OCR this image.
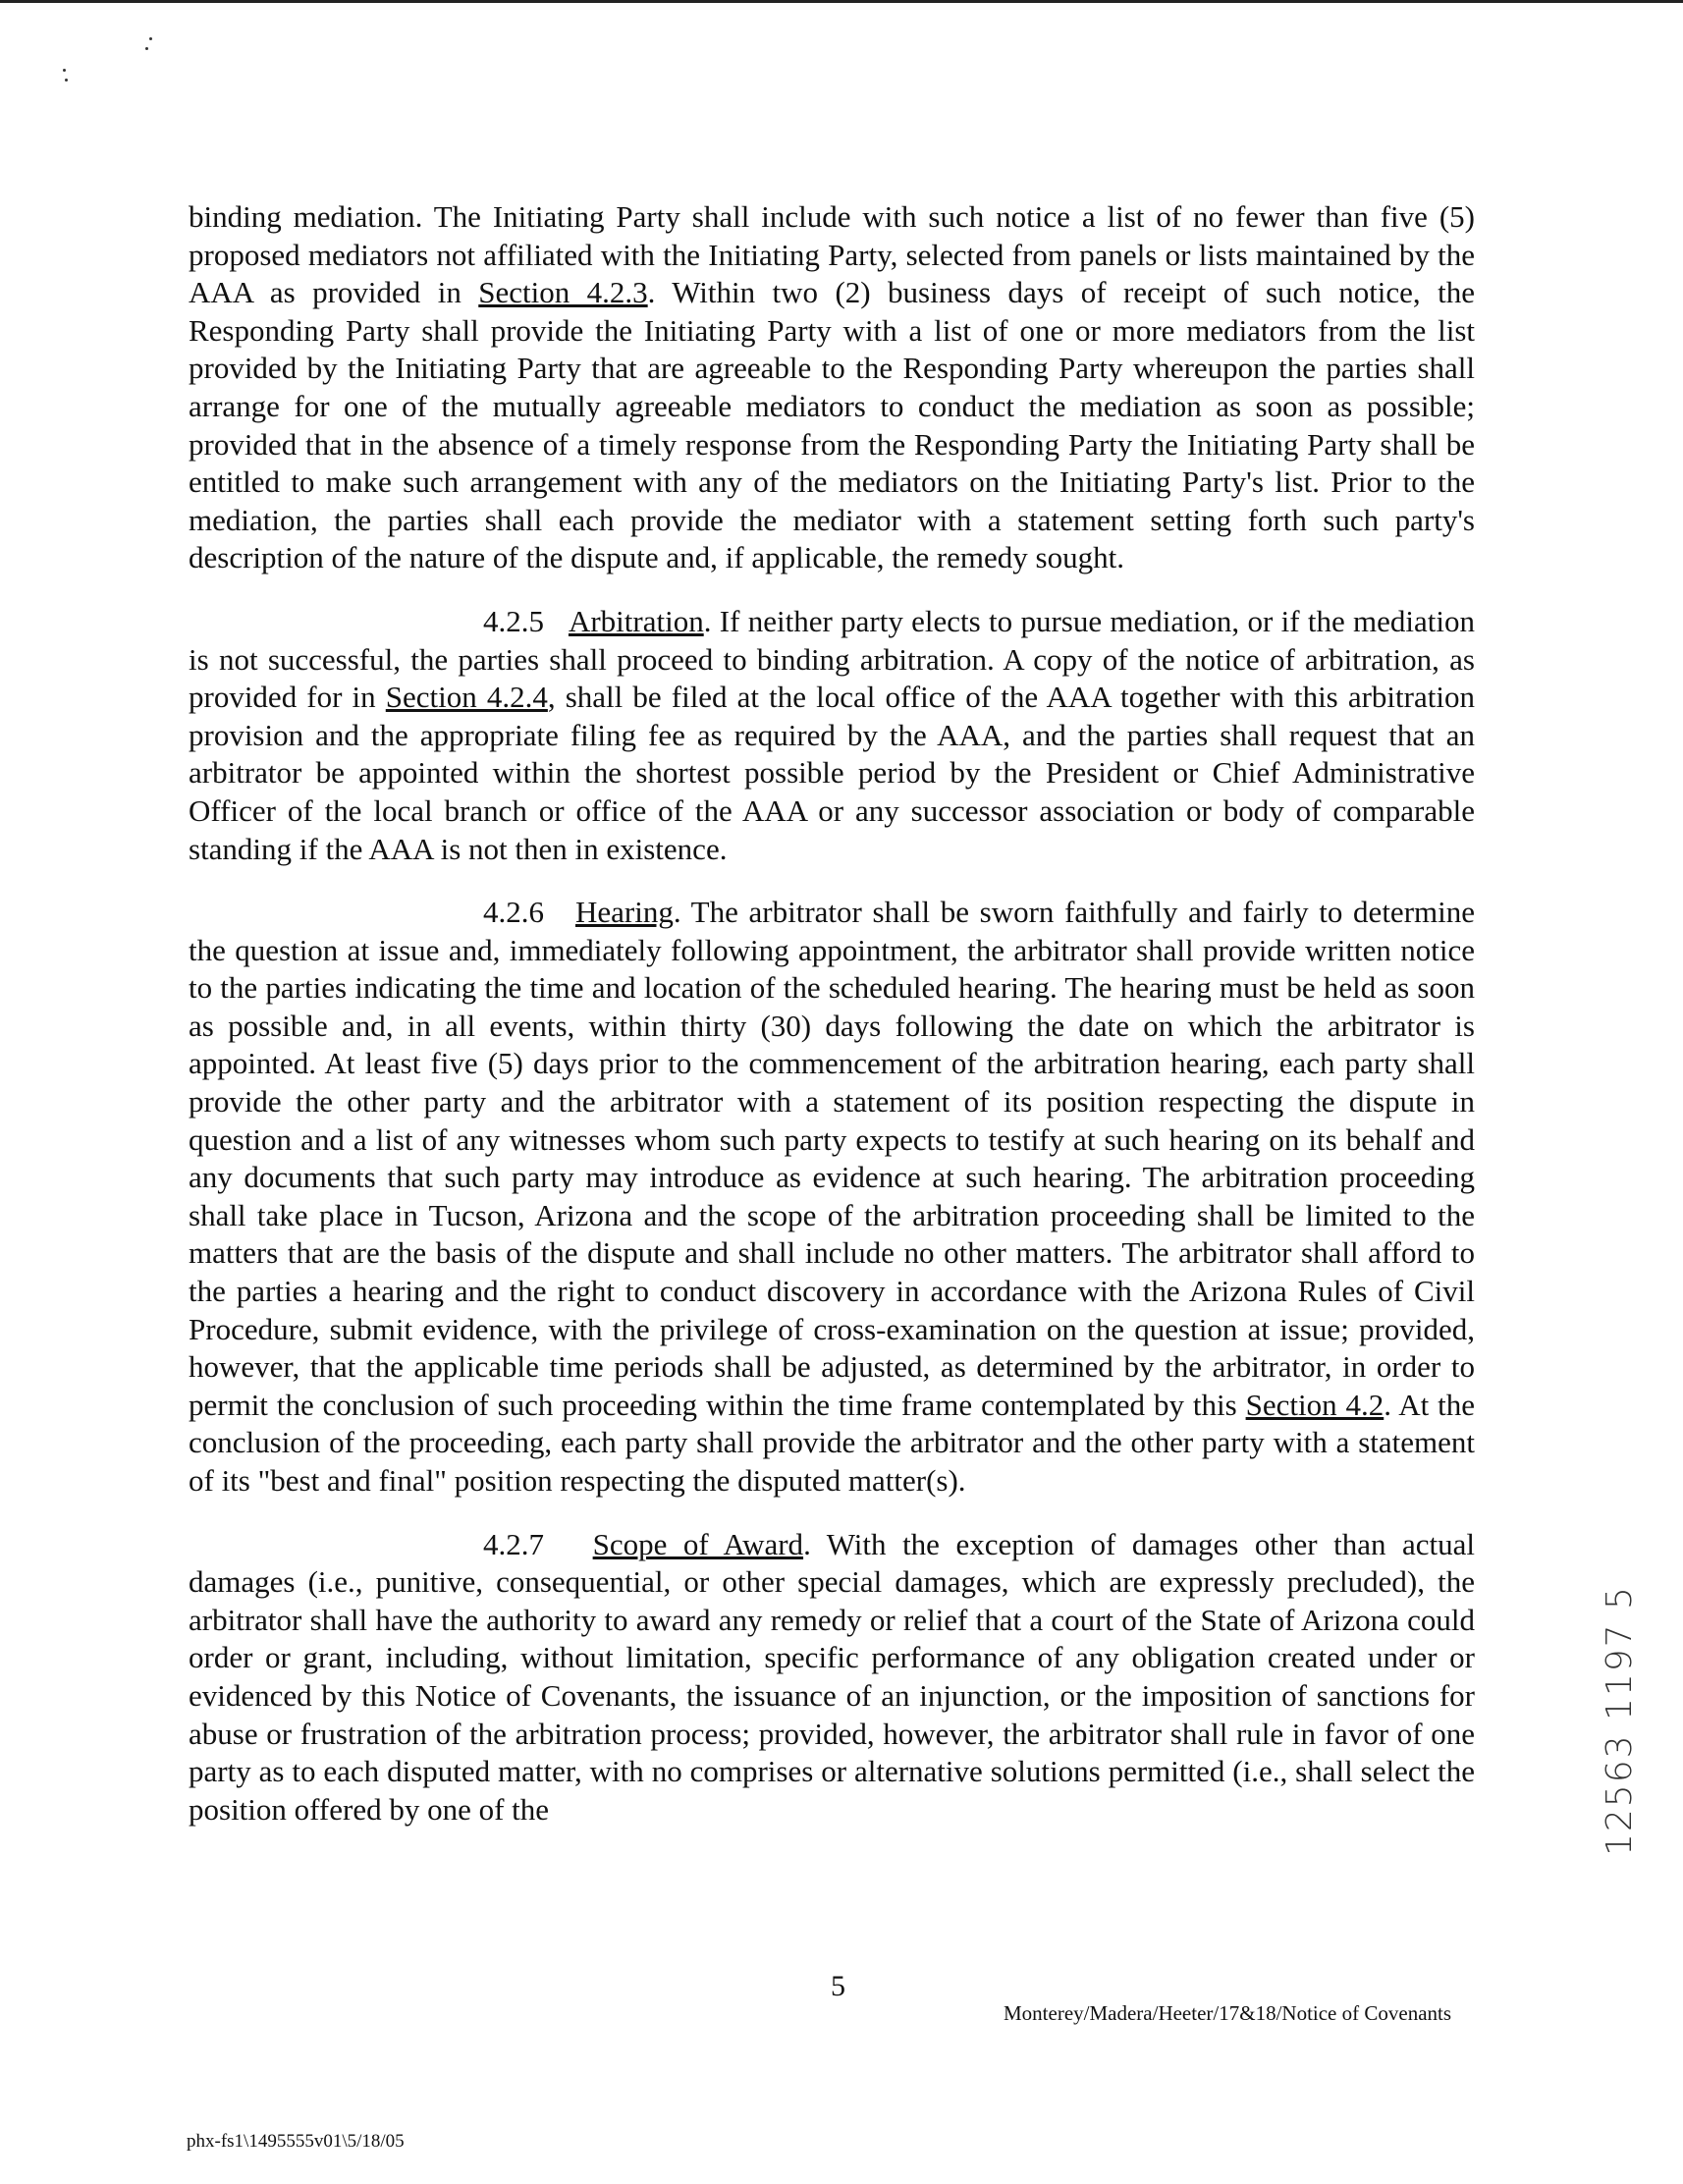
binding mediation. The Initiating Party shall include with such notice a list of no fewer than five (5) proposed mediators not affiliated with the Initiating Party, selected from panels or lists maintained by the AAA as provided in Section 4.2.3. Within two (2) business days of receipt of such notice, the Responding Party shall provide the Initiating Party with a list of one or more mediators from the list provided by the Initiating Party that are agreeable to the Responding Party whereupon the parties shall arrange for one of the mutually agreeable mediators to conduct the mediation as soon as possible; provided that in the absence of a timely response from the Responding Party the Initiating Party shall be entitled to make such arrangement with any of the mediators on the Initiating Party's list. Prior to the mediation, the parties shall each provide the mediator with a statement setting forth such party's description of the nature of the dispute and, if applicable, the remedy sought.

4.2.5 Arbitration. If neither party elects to pursue mediation, or if the mediation is not successful, the parties shall proceed to binding arbitration. A copy of the notice of arbitration, as provided for in Section 4.2.4, shall be filed at the local office of the AAA together with this arbitration provision and the appropriate filing fee as required by the AAA, and the parties shall request that an arbitrator be appointed within the shortest possible period by the President or Chief Administrative Officer of the local branch or office of the AAA or any successor association or body of comparable standing if the AAA is not then in existence.

4.2.6 Hearing. The arbitrator shall be sworn faithfully and fairly to determine the question at issue and, immediately following appointment, the arbitrator shall provide written notice to the parties indicating the time and location of the scheduled hearing. The hearing must be held as soon as possible and, in all events, within thirty (30) days following the date on which the arbitrator is appointed. At least five (5) days prior to the commencement of the arbitration hearing, each party shall provide the other party and the arbitrator with a statement of its position respecting the dispute in question and a list of any witnesses whom such party expects to testify at such hearing on its behalf and any documents that such party may introduce as evidence at such hearing. The arbitration proceeding shall take place in Tucson, Arizona and the scope of the arbitration proceeding shall be limited to the matters that are the basis of the dispute and shall include no other matters. The arbitrator shall afford to the parties a hearing and the right to conduct discovery in accordance with the Arizona Rules of Civil Procedure, submit evidence, with the privilege of cross-examination on the question at issue; provided, however, that the applicable time periods shall be adjusted, as determined by the arbitrator, in order to permit the conclusion of such proceeding within the time frame contemplated by this Section 4.2. At the conclusion of the proceeding, each party shall provide the arbitrator and the other party with a statement of its "best and final" position respecting the disputed matter(s).

4.2.7 Scope of Award. With the exception of damages other than actual damages (i.e., punitive, consequential, or other special damages, which are expressly precluded), the arbitrator shall have the authority to award any remedy or relief that a court of the State of Arizona could order or grant, including, without limitation, specific performance of any obligation created under or evidenced by this Notice of Covenants, the issuance of an injunction, or the imposition of sanctions for abuse or frustration of the arbitration process; provided, however, the arbitrator shall rule in favor of one party as to each disputed matter, with no comprises or alternative solutions permitted (i.e., shall select the position offered by one of the

5
Monterey/Madera/Heeter/17&18/Notice of Covenants
phx-fs1\1495555v01\5/18/05
12563 1197 5
